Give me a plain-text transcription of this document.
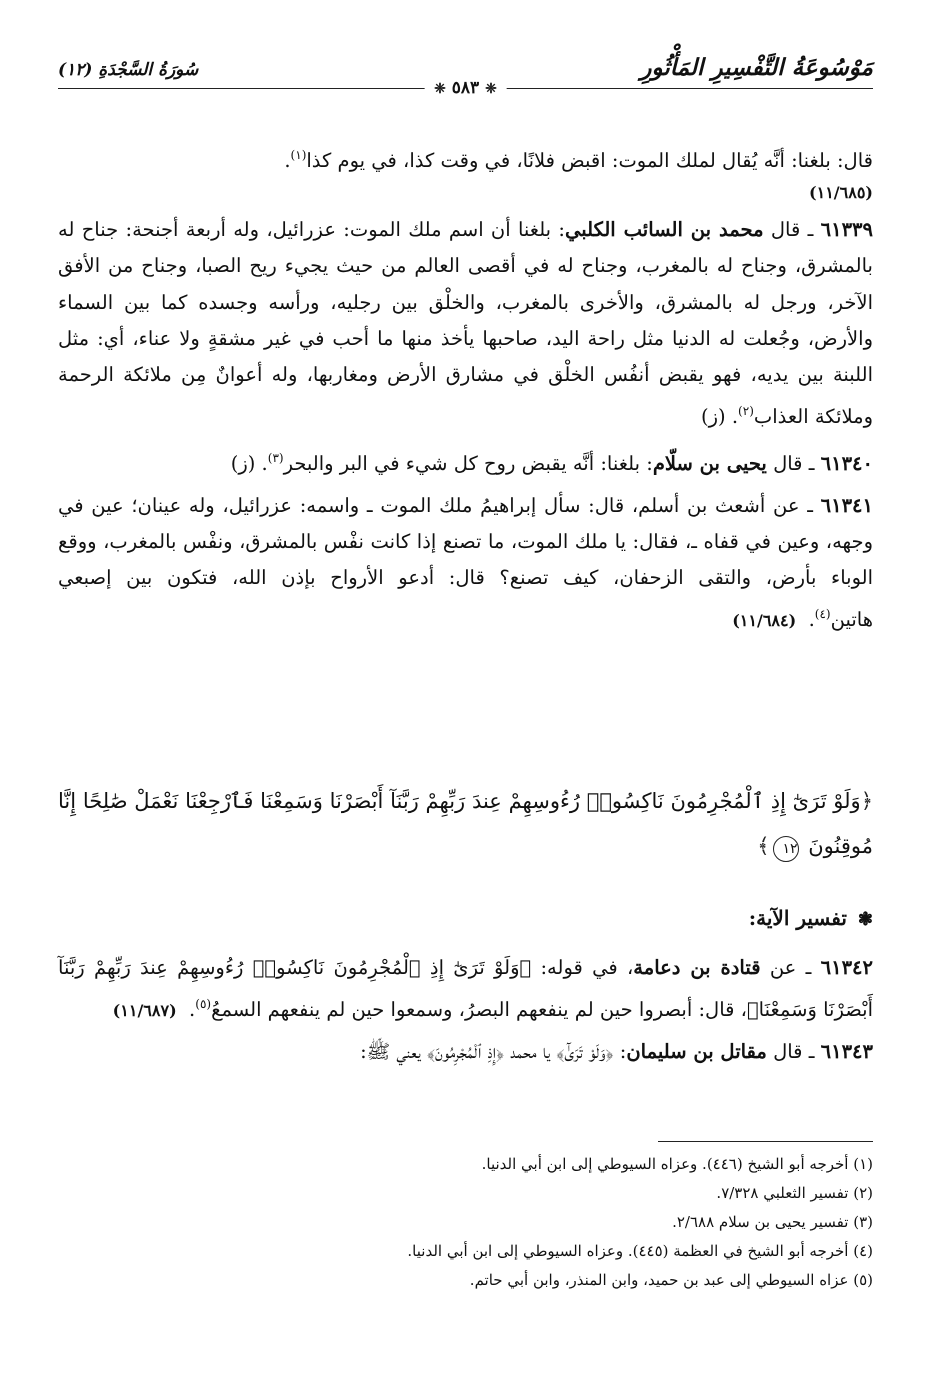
مَوْسُوعَةُ التَّفْسِيرِ المَأْثُورِ
سُورَةُ السَّجْدَةِ (١٢)
❈ ٥٨٣ ❈

قال: بلغنا: أنَّه يُقال لملك الموت: اقبض فلانًا، في وقت كذا، في يوم كذا$^{(١)}$.
(١١/٦٨٥)

٦١٣٣٩ ـ قال محمد بن السائب الكلبي: بلغنا أن اسم ملك الموت: عزرائيل، وله أربعة أجنحة: جناح له بالمشرق، وجناح له بالمغرب، وجناح له في أقصى العالم من حيث يجيء ريح الصبا، وجناح من الأفق الآخر، ورجل له بالمشرق، والأخرى بالمغرب، والخلْق بين رجليه، ورأسه وجسده كما بين السماء والأرض، وجُعلت له الدنيا مثل راحة اليد، صاحبها يأخذ منها ما أحب في غير مشقةٍ ولا عناء، أي: مثل اللبنة بين يديه، فهو يقبض أنفُس الخلْق في مشارق الأرض ومغاربها، وله أعوانٌ مِن ملائكة الرحمة وملائكة العذاب$^{(٢)}$. (ز)

٦١٣٤٠ ـ قال يحيى بن سلّام: بلغنا: أنَّه يقبض روح كل شيء في البر والبحر$^{(٣)}$. (ز)

٦١٣٤١ ـ عن أشعث بن أسلم، قال: سأل إبراهيمُ ملك الموت ـ واسمه: عزرائيل، وله عينان؛ عين في وجهه، وعين في قفاه ـ، فقال: يا ملك الموت، ما تصنع إذا كانت نفْس بالمشرق، ونفْس بالمغرب، ووقع الوباء بأرض، والتقى الزحفان، كيف تصنع؟ قال: أدعو الأرواح بإذن الله، فتكون بين إصبعي هاتين$^{(٤)}$.  (١١/٦٨٤)

﴿وَلَوْ تَرَىٰٓ إِذِ ٱلْمُجْرِمُونَ نَاكِسُوا۟ رُءُوسِهِمْ عِندَ رَبِّهِمْ رَبَّنَآ أَبْصَرْنَا وَسَمِعْنَا فَٱرْجِعْنَا نَعْمَلْ صَٰلِحًا إِنَّا مُوقِنُونَ ١٢﴾
❃ تفسير الآية:

٦١٣٤٢ ـ عن قتادة بن دعامة، في قوله: ﴿وَلَوْ تَرَىٰٓ إِذِ ٱلْمُجْرِمُونَ نَاكِسُوا۟ رُءُوسِهِمْ عِندَ رَبِّهِمْ رَبَّنَآ أَبْصَرْنَا وَسَمِعْنَا﴾، قال: أبصروا حين لم ينفعهم البصرُ، وسمعوا حين لم ينفعهم السمعُ$^{(٥)}$.  (١١/٦٨٧)

٦١٣٤٣ ـ قال مقاتل بن سليمان: ﴿وَلَوْ تَرَىٰٓ﴾ يا محمد ﴿إِذِ ٱلْمُجْرِمُونَ﴾ يعني ﷺ:

(١) أخرجه أبو الشيخ (٤٤٦). وعزاه السيوطي إلى ابن أبي الدنيا.
(٢) تفسير الثعلبي ٧/٣٢٨.
(٣) تفسير يحيى بن سلام ٢/٦٨٨.
(٤) أخرجه أبو الشيخ في العظمة (٤٤٥). وعزاه السيوطي إلى ابن أبي الدنيا.
(٥) عزاه السيوطي إلى عبد بن حميد، وابن المنذر، وابن أبي حاتم.
